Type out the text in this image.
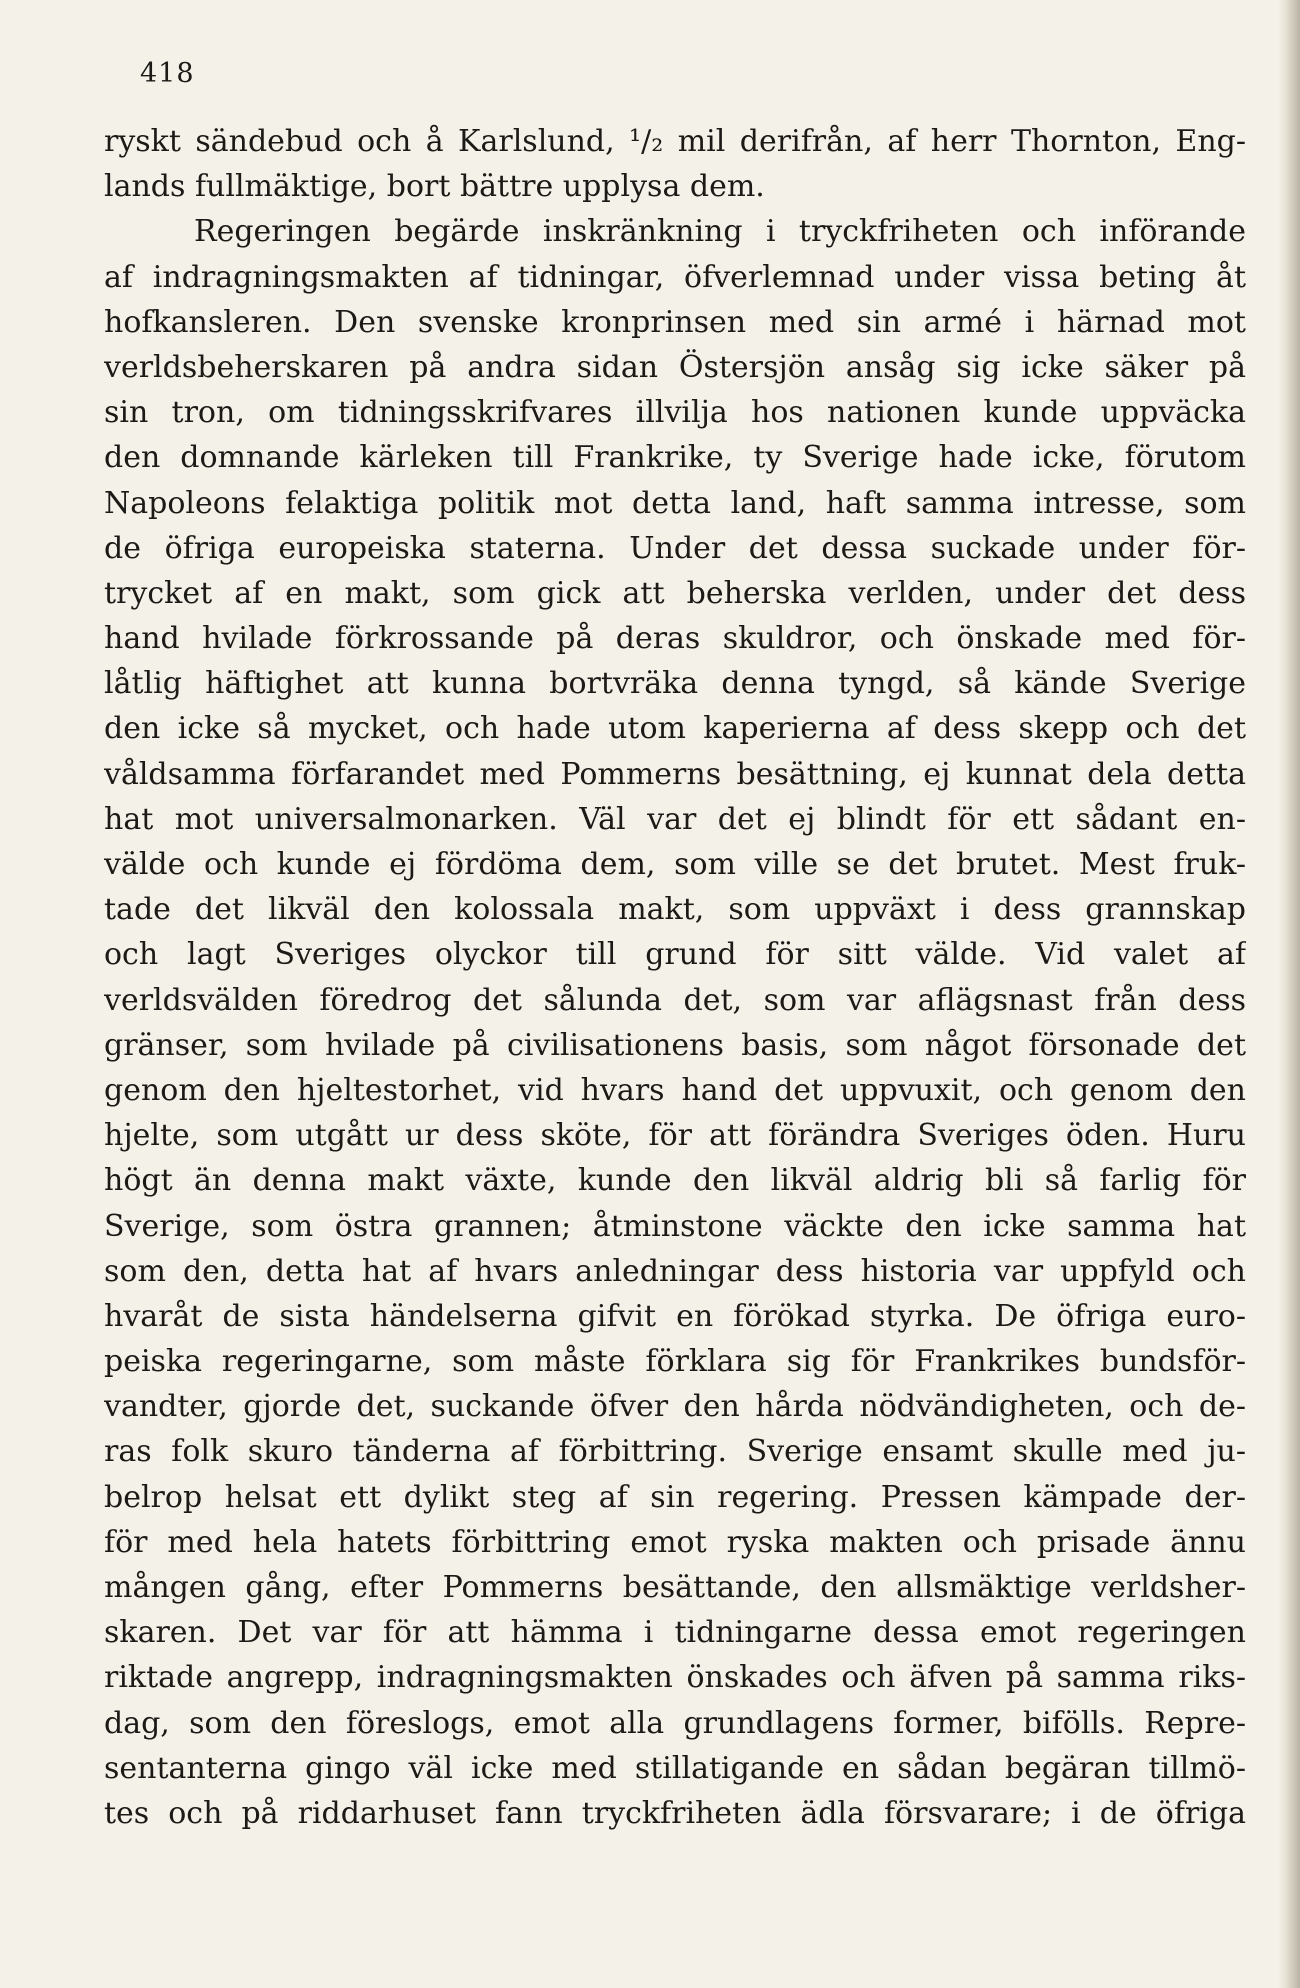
418
ryskt sändebud och å Karlslund, ¹/₂ mil derifrån, af herr Thornton, Eng-
lands fullmäktige, bort bättre upplysa dem.
Regeringen begärde inskränkning i tryckfriheten och införande
af indragningsmakten af tidningar, öfverlemnad under vissa beting åt
hofkansleren. Den svenske kronprinsen med sin armé i härnad mot
verldsbeherskaren på andra sidan Östersjön ansåg sig icke säker på
sin tron, om tidningsskrifvares illvilja hos nationen kunde uppväcka
den domnande kärleken till Frankrike, ty Sverige hade icke, förutom
Napoleons felaktiga politik mot detta land, haft samma intresse, som
de öfriga europeiska staterna. Under det dessa suckade under för-
trycket af en makt, som gick att beherska verlden, under det dess
hand hvilade förkrossande på deras skuldror, och önskade med för-
låtlig häftighet att kunna bortvräka denna tyngd, så kände Sverige
den icke så mycket, och hade utom kaperierna af dess skepp och det
våldsamma förfarandet med Pommerns besättning, ej kunnat dela detta
hat mot universalmonarken. Väl var det ej blindt för ett sådant en-
välde och kunde ej fördöma dem, som ville se det brutet. Mest fruk-
tade det likväl den kolossala makt, som uppväxt i dess grannskap
och lagt Sveriges olyckor till grund för sitt välde. Vid valet af
verldsvälden föredrog det sålunda det, som var aflägsnast från dess
gränser, som hvilade på civilisationens basis, som något försonade det
genom den hjeltestorhet, vid hvars hand det uppvuxit, och genom den
hjelte, som utgått ur dess sköte, för att förändra Sveriges öden. Huru
högt än denna makt växte, kunde den likväl aldrig bli så farlig för
Sverige, som östra grannen; åtminstone väckte den icke samma hat
som den, detta hat af hvars anledningar dess historia var uppfyld och
hvaråt de sista händelserna gifvit en förökad styrka. De öfriga euro-
peiska regeringarne, som måste förklara sig för Frankrikes bundsför-
vandter, gjorde det, suckande öfver den hårda nödvändigheten, och de-
ras folk skuro tänderna af förbittring. Sverige ensamt skulle med ju-
belrop helsat ett dylikt steg af sin regering. Pressen kämpade der-
för med hela hatets förbittring emot ryska makten och prisade ännu
mången gång, efter Pommerns besättande, den allsmäktige verldsher-
skaren. Det var för att hämma i tidningarne dessa emot regeringen
riktade angrepp, indragningsmakten önskades och äfven på samma riks-
dag, som den föreslogs, emot alla grundlagens former, bifölls. Repre-
sentanterna gingo väl icke med stillatigande en sådan begäran tillmö-
tes och på riddarhuset fann tryckfriheten ädla försvarare; i de öfriga
